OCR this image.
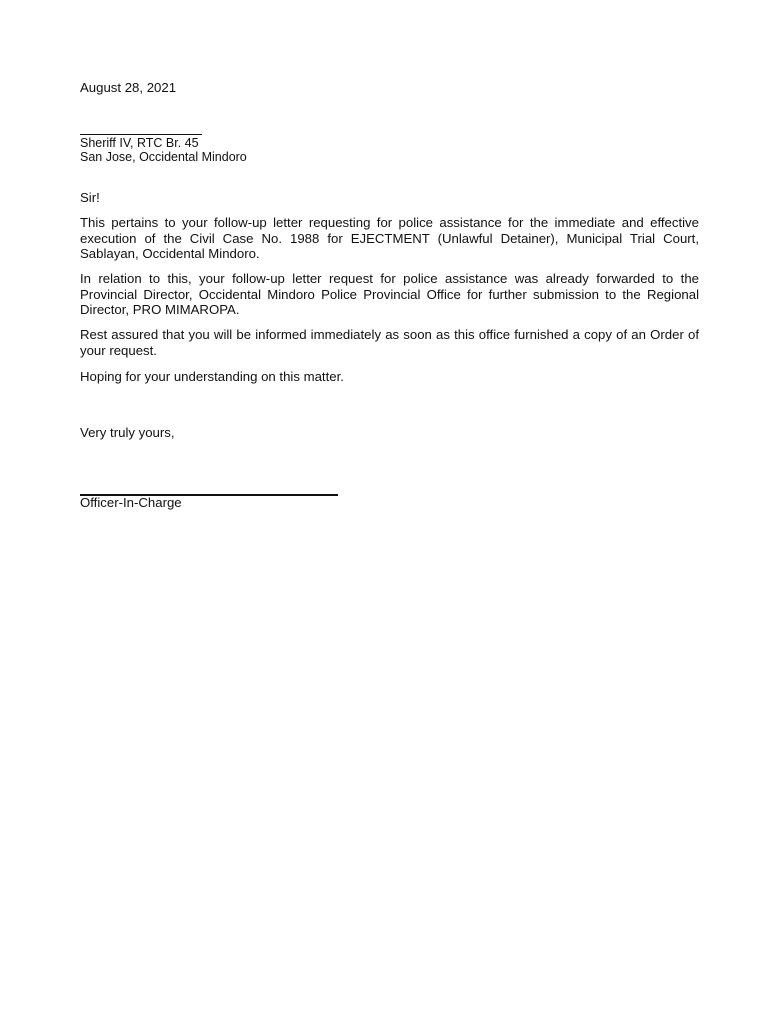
August 28, 2021
Sheriff IV, RTC Br. 45
San Jose, Occidental Mindoro
Sir!
This pertains to your follow-up letter requesting for police assistance for the immediate and effective execution of the Civil Case No. 1988 for EJECTMENT (Unlawful Detainer), Municipal Trial Court, Sablayan, Occidental Mindoro.
In relation to this, your follow-up letter request for police assistance was already forwarded to the Provincial Director, Occidental Mindoro Police Provincial Office for further submission to the Regional Director, PRO MIMAROPA.
Rest assured that you will be informed immediately as soon as this office furnished a copy of an Order of your request.
Hoping for your understanding on this matter.
Very truly yours,
Officer-In-Charge
